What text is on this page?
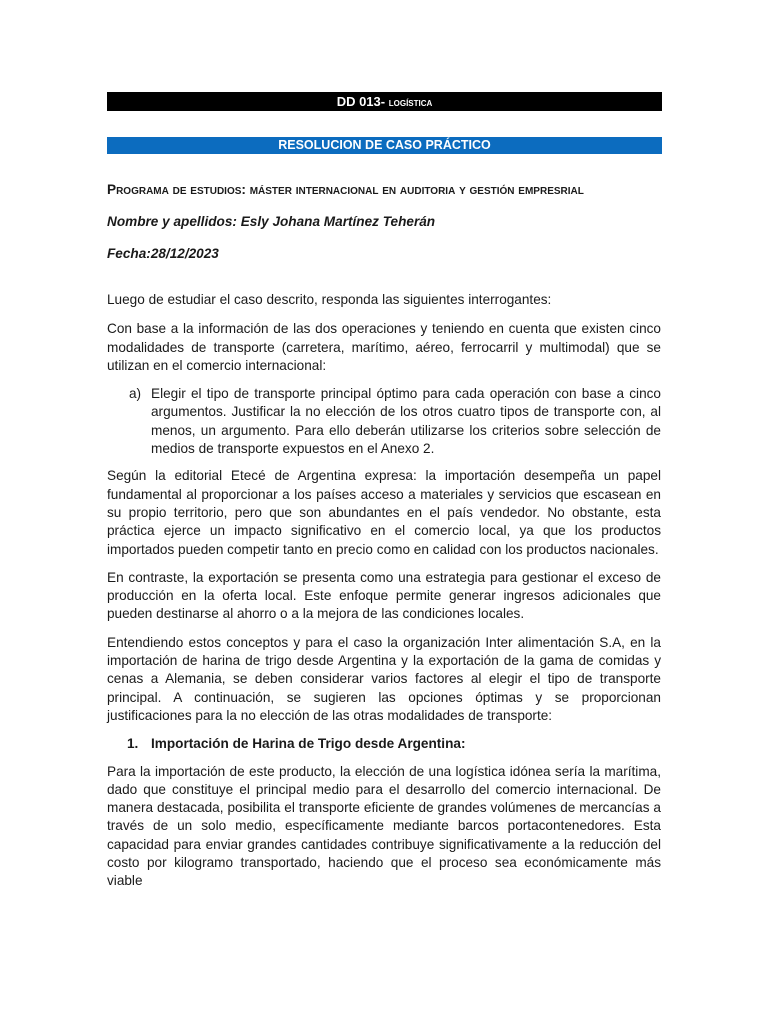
DD 013- logística
RESOLUCION DE CASO PRÁCTICO
Programa de estudios: máster internacional en auditoria y gestión empresrial
Nombre y apellidos: Esly Johana Martínez Teherán
Fecha:28/12/2023

Luego de estudiar el caso descrito, responda las siguientes interrogantes:

Con base a la información de las dos operaciones y teniendo en cuenta que existen cinco modalidades de transporte (carretera, marítimo, aéreo, ferrocarril y multimodal) que se utilizan en el comercio internacional:

a) Elegir el tipo de transporte principal óptimo para cada operación con base a cinco argumentos. Justificar la no elección de los otros cuatro tipos de transporte con, al menos, un argumento. Para ello deberán utilizarse los criterios sobre selección de medios de transporte expuestos en el Anexo 2.

Según la editorial Etecé de Argentina expresa: la importación desempeña un papel fundamental al proporcionar a los países acceso a materiales y servicios que escasean en su propio territorio, pero que son abundantes en el país vendedor. No obstante, esta práctica ejerce un impacto significativo en el comercio local, ya que los productos importados pueden competir tanto en precio como en calidad con los productos nacionales.

En contraste, la exportación se presenta como una estrategia para gestionar el exceso de producción en la oferta local. Este enfoque permite generar ingresos adicionales que pueden destinarse al ahorro o a la mejora de las condiciones locales.

Entendiendo estos conceptos y para el caso la organización Inter alimentación S.A, en la importación de harina de trigo desde Argentina y la exportación de la gama de comidas y cenas a Alemania, se deben considerar varios factores al elegir el tipo de transporte principal. A continuación, se sugieren las opciones óptimas y se proporcionan justificaciones para la no elección de las otras modalidades de transporte:

1. Importación de Harina de Trigo desde Argentina:

Para la importación de este producto, la elección de una logística idónea sería la marítima, dado que constituye el principal medio para el desarrollo del comercio internacional. De manera destacada, posibilita el transporte eficiente de grandes volúmenes de mercancías a través de un solo medio, específicamente mediante barcos portacontenedores. Esta capacidad para enviar grandes cantidades contribuye significativamente a la reducción del costo por kilogramo transportado, haciendo que el proceso sea económicamente más viable
